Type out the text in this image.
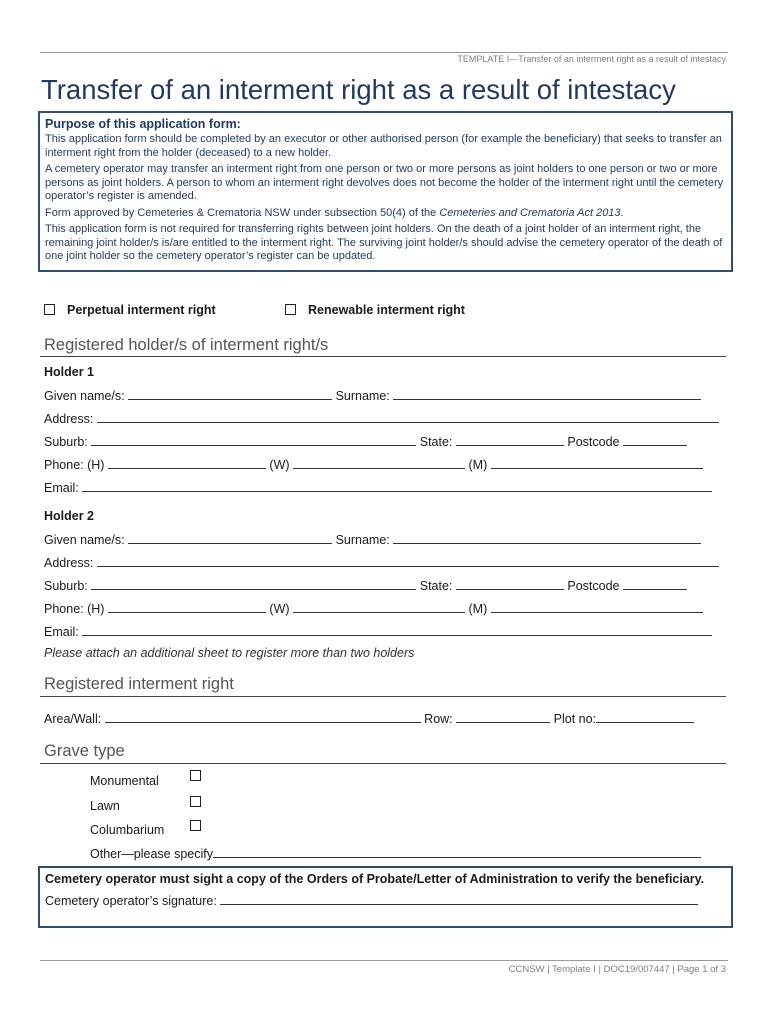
TEMPLATE I—Transfer of an interment right as a result of intestacy
Transfer of an interment right as a result of intestacy

Purpose of this application form:

This application form should be completed by an executor or other authorised person (for example the beneficiary) that seeks to transfer an interment right from the holder (deceased) to a new holder.

A cemetery operator may transfer an interment right from one person or two or more persons as joint holders to one person or two or more persons as joint holders. A person to whom an interment right devolves does not become the holder of the interment right until the cemetery operator’s register is amended.

Form approved by Cemeteries & Crematoria NSW under subsection 50(4) of the Cemeteries and Crematoria Act 2013.

This application form is not required for transferring rights between joint holders. On the death of a joint holder of an interment right, the remaining joint holder/s is/are entitled to the interment right. The surviving joint holder/s should advise the cemetery operator of the death of one joint holder so the cemetery operator’s register can be updated.

Perpetual interment right	Renewable interment right
Registered holder/s of interment right/s
Holder 1
Given name/s:	Surname:
Address:
Suburb:	State:	Postcode
Phone: (H)	(W)	(M)
Email:
Holder 2
Given name/s:	Surname:
Address:
Suburb:	State:	Postcode
Phone: (H)	(W)	(M)
Email:
Please attach an additional sheet to register more than two holders
Registered interment right
Area/Wall:	Row:	Plot no:
Grave type
Monumental
Lawn
Columbarium
Other—please specify

Cemetery operator must sight a copy of the Orders of Probate/Letter of Administration to verify the beneficiary.

Cemetery operator’s signature:
CCNSW | Template I | DOC19/007447 | Page 1 of 3
